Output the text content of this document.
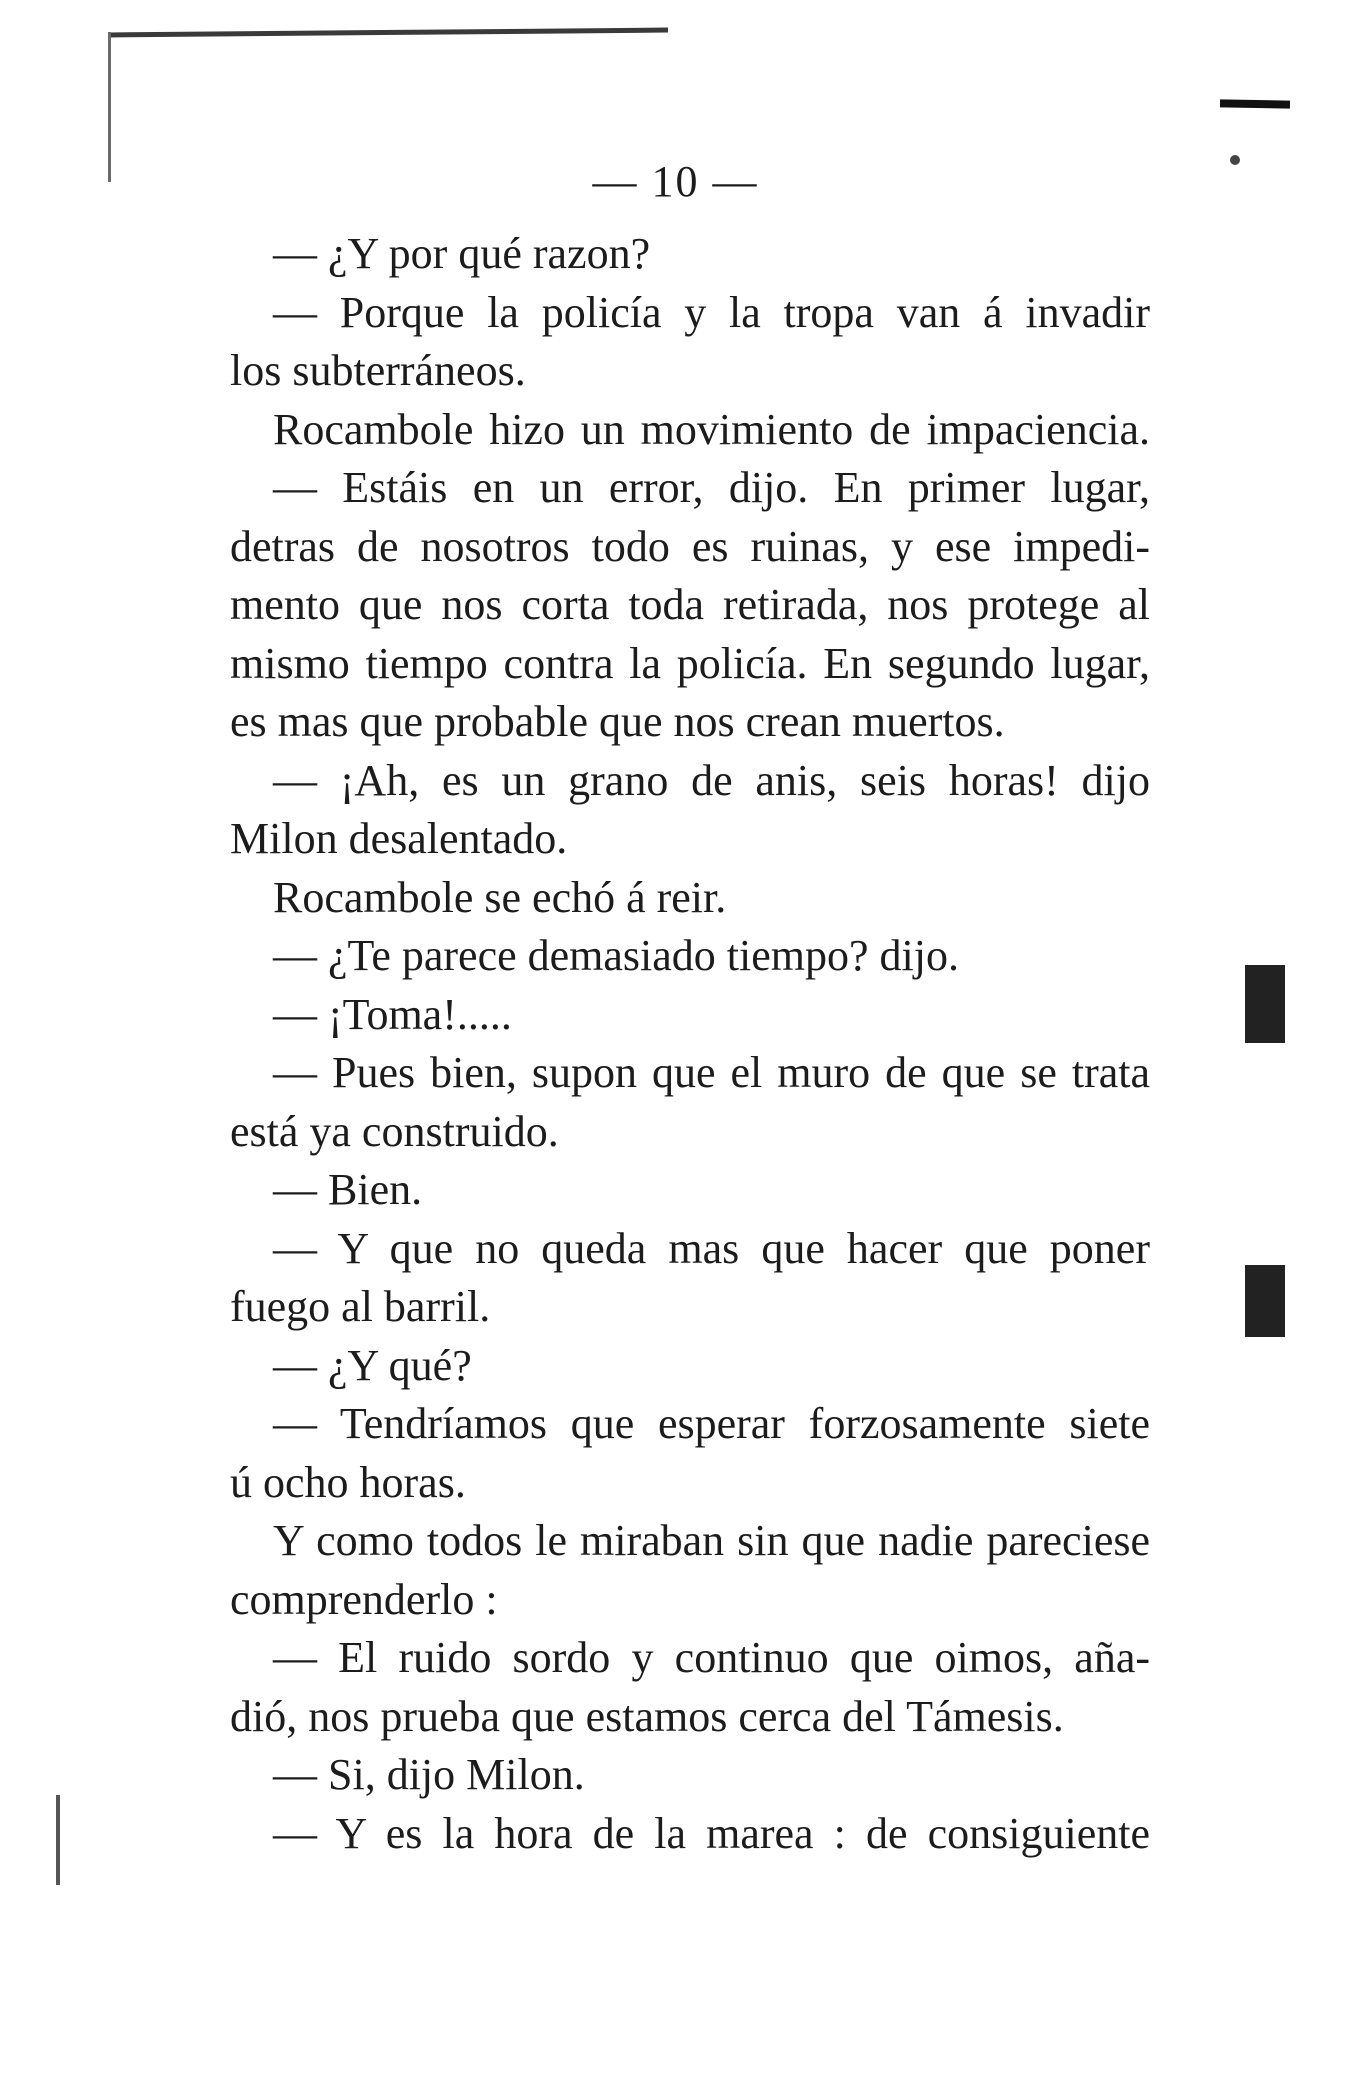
— 10 —
— ¿Y por qué razon?
— Porque la policía y la tropa van á invadir
los subterráneos.
Rocambole hizo un movimiento de impaciencia.
— Estáis en un error, dijo. En primer lugar,
detras de nosotros todo es ruinas, y ese impedi-
mento que nos corta toda retirada, nos protege al
mismo tiempo contra la policía. En segundo lugar,
es mas que probable que nos crean muertos.
— ¡Ah, es un grano de anis, seis horas! dijo
Milon desalentado.
Rocambole se echó á reir.
— ¿Te parece demasiado tiempo? dijo.
— ¡Toma!.....
— Pues bien, supon que el muro de que se trata
está ya construido.
— Bien.
— Y que no queda mas que hacer que poner
fuego al barril.
— ¿Y qué?
— Tendríamos que esperar forzosamente siete
ú ocho horas.
Y como todos le miraban sin que nadie pareciese
comprenderlo :
— El ruido sordo y continuo que oimos, aña-
dió, nos prueba que estamos cerca del Támesis.
— Si, dijo Milon.
— Y es la hora de la marea : de consiguiente
